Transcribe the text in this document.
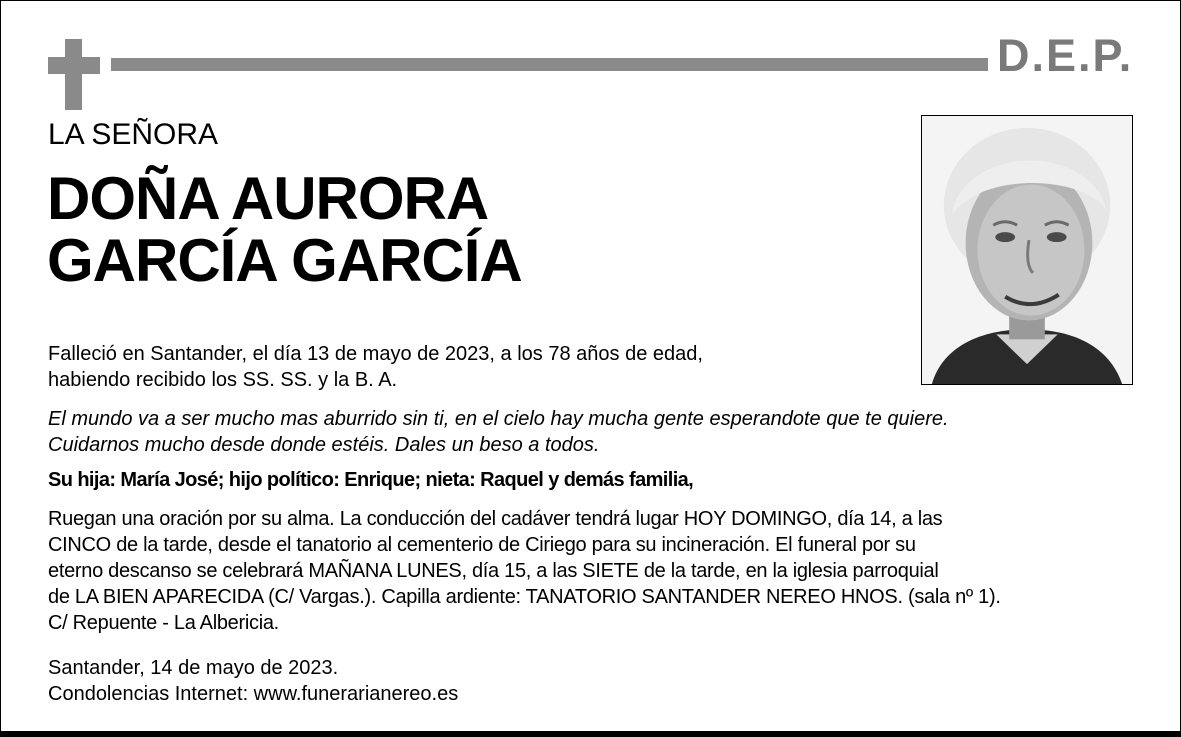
D.E.P.
LA SEÑORA
DOÑA AURORA
GARCÍA GARCÍA
Falleció en Santander, el día 13 de mayo de 2023, a los 78 años de edad,
habiendo recibido los SS. SS. y la B. A.
El mundo va a ser mucho mas aburrido sin ti, en el cielo hay mucha gente esperandote que te quiere.
Cuidarnos mucho desde donde estéis. Dales un beso a todos.
Su hija: María José; hijo político: Enrique; nieta: Raquel y demás familia,
Ruegan una oración por su alma. La conducción del cadáver tendrá lugar HOY DOMINGO, día 14, a las
CINCO de la tarde, desde el tanatorio al cementerio de Ciriego para su incineración. El funeral por su
eterno descanso se celebrará MAÑANA LUNES, día 15, a las SIETE de la tarde, en la iglesia parroquial
de LA BIEN APARECIDA (C/ Vargas.). Capilla ardiente: TANATORIO SANTANDER NEREO HNOS. (sala nº 1).
C/ Repuente - La Albericia.
Santander, 14 de mayo de 2023.
Condolencias Internet: www.funerarianereo.es
